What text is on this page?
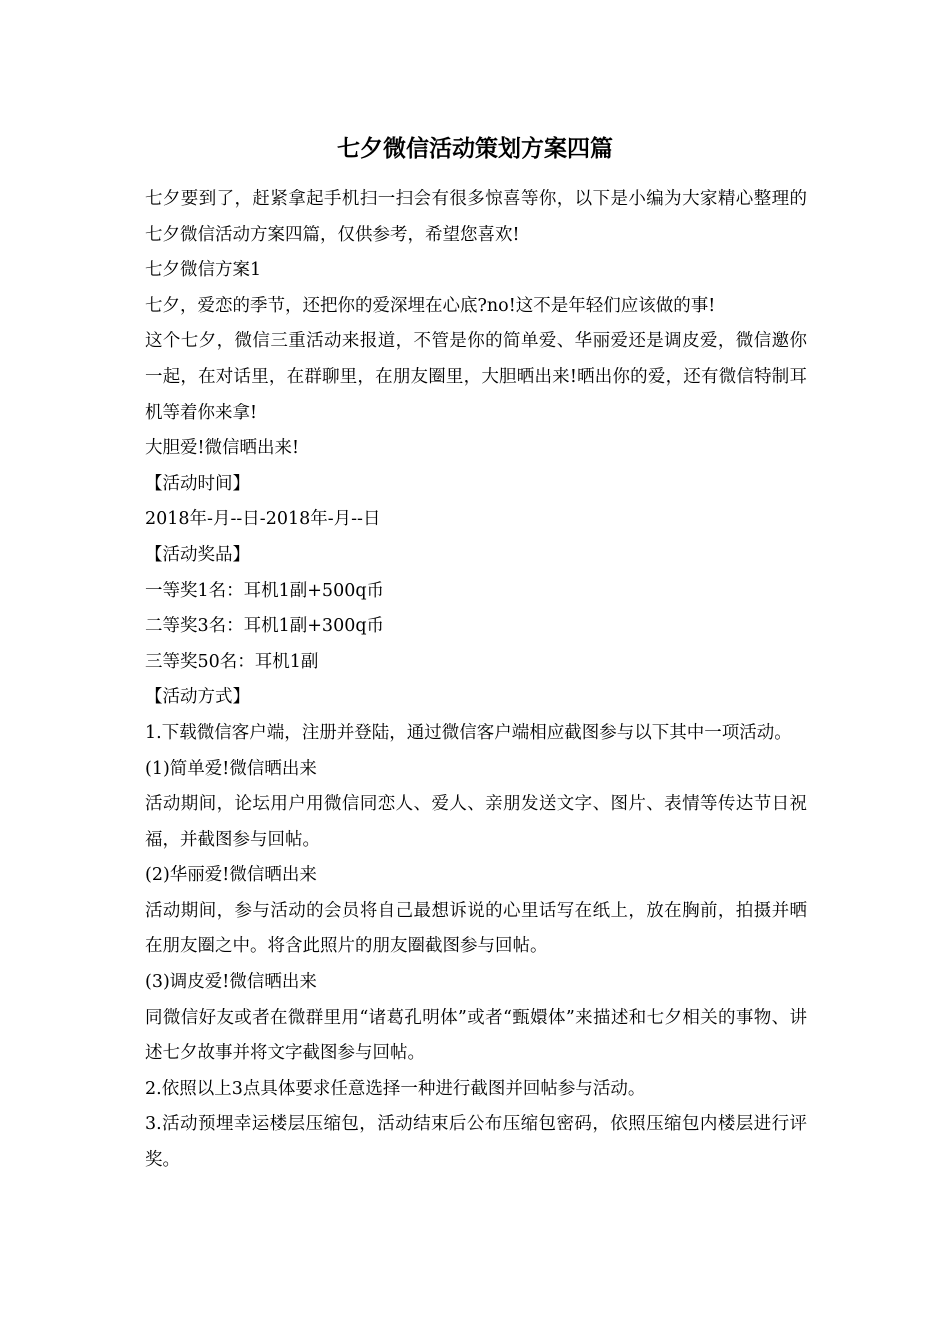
七夕微信活动策划方案四篇

七夕要到了，赶紧拿起手机扫一扫会有很多惊喜等你，以下是小编为大家精心整理的七夕微信活动方案四篇，仅供参考，希望您喜欢!

七夕微信方案1

七夕，爱恋的季节，还把你的爱深埋在心底?no!这不是年轻们应该做的事!

这个七夕，微信三重活动来报道，不管是你的简单爱、华丽爱还是调皮爱，微信邀你一起，在对话里，在群聊里，在朋友圈里，大胆晒出来!晒出你的爱，还有微信特制耳机等着你来拿!

大胆爱!微信晒出来!

【活动时间】

2018年-月--日-2018年-月--日

【活动奖品】

一等奖1名：耳机1副+500q币

二等奖3名：耳机1副+300q币

三等奖50名：耳机1副

【活动方式】

1.下载微信客户端，注册并登陆，通过微信客户端相应截图参与以下其中一项活动。

(1)简单爱!微信晒出来

活动期间，论坛用户用微信同恋人、爱人、亲朋发送文字、图片、表情等传达节日祝福，并截图参与回帖。

(2)华丽爱!微信晒出来

活动期间，参与活动的会员将自己最想诉说的心里话写在纸上，放在胸前，拍摄并晒在朋友圈之中。将含此照片的朋友圈截图参与回帖。

(3)调皮爱!微信晒出来

同微信好友或者在微群里用“诸葛孔明体”或者“甄嬛体”来描述和七夕相关的事物、讲述七夕故事并将文字截图参与回帖。

2.依照以上3点具体要求任意选择一种进行截图并回帖参与活动。

3.活动预埋幸运楼层压缩包，活动结束后公布压缩包密码，依照压缩包内楼层进行评奖。
